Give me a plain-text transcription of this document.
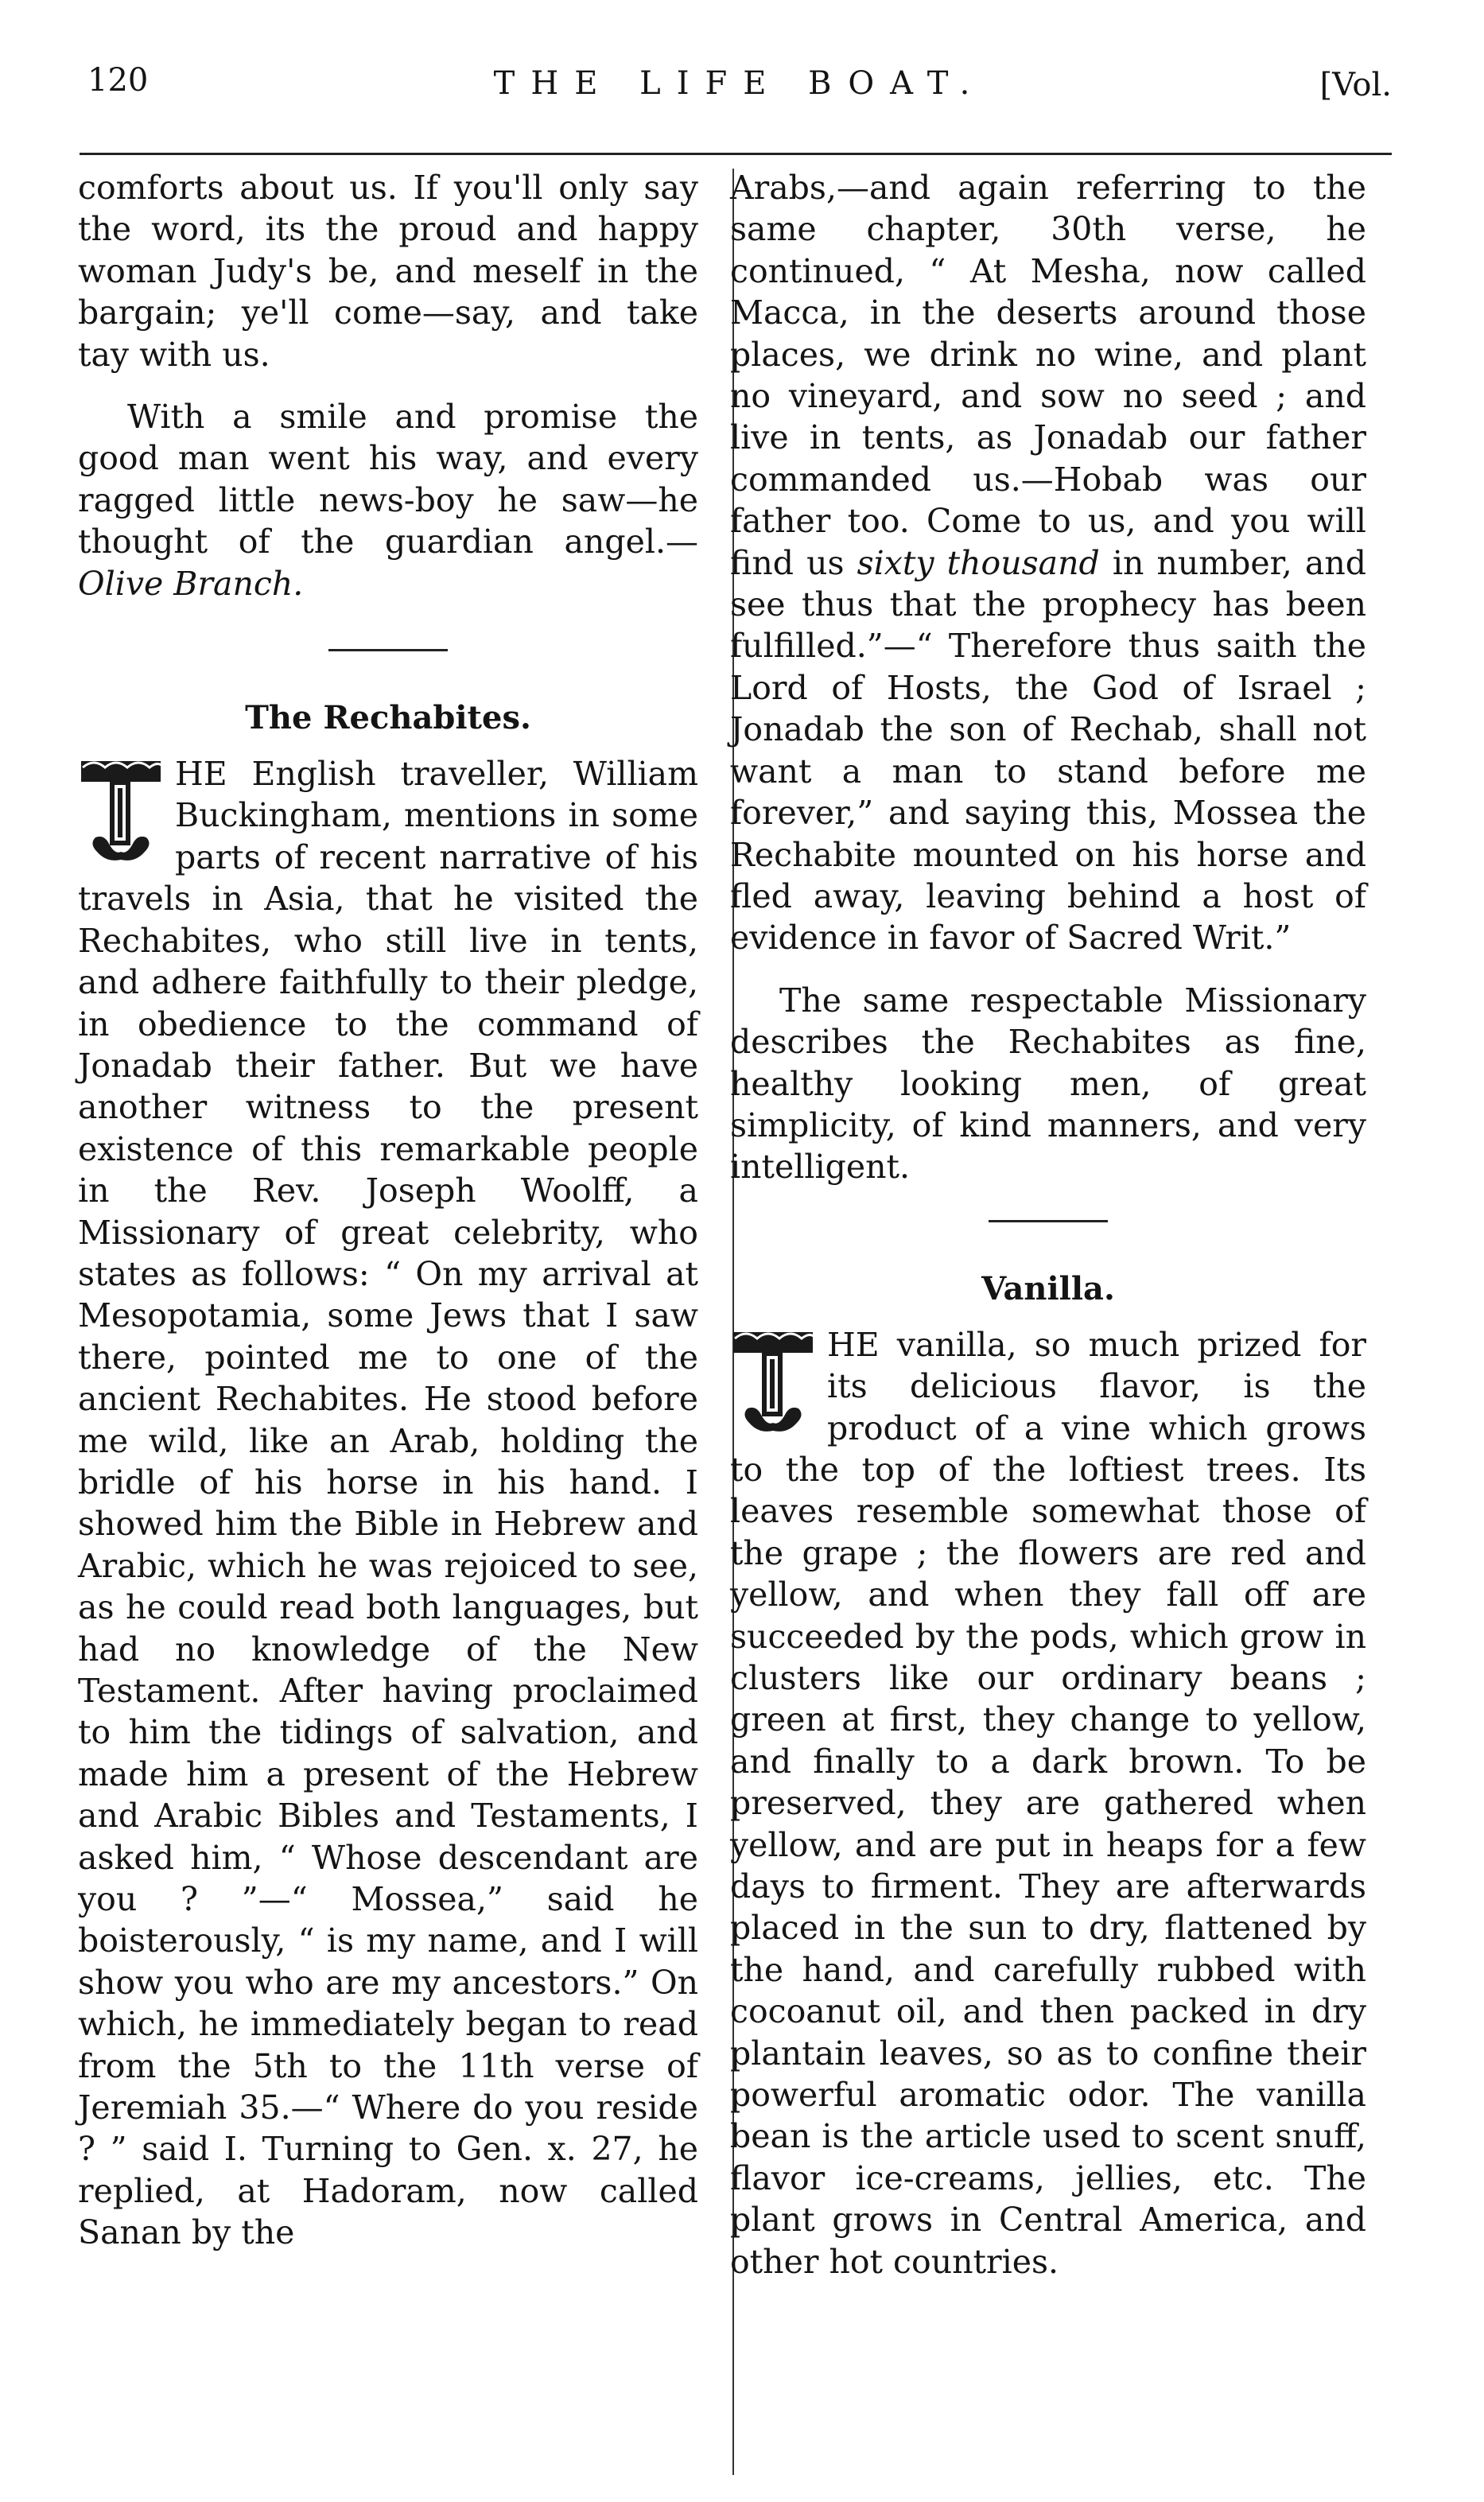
120	THE LIFE BOAT.	[Vol.

comforts about us. If you'll only say the word, its the proud and happy woman Judy's be, and meself in the bargain; ye'll come—say, and take tay with us.

With a smile and promise the good man went his way, and every ragged little news-boy he saw—he thought of the guardian angel.— Olive Branch.

The Rechabites.

HE English traveller, William Buckingham, mentions in some parts of recent narrative of his travels in Asia, that he visited the Rechabites, who still live in tents, and adhere faithfully to their pledge, in obedience to the command of Jonadab their father. But we have another witness to the present existence of this remarkable people in the Rev. Joseph Woolff, a Missionary of great celebrity, who states as follows: “ On my arrival at Mesopotamia, some Jews that I saw there, pointed me to one of the ancient Rechabites. He stood before me wild, like an Arab, holding the bridle of his horse in his hand. I showed him the Bible in Hebrew and Arabic, which he was rejoiced to see, as he could read both languages, but had no knowledge of the New Testament. After having proclaimed to him the tidings of salvation, and made him a present of the Hebrew and Arabic Bibles and Testaments, I asked him, “ Whose descendant are you ? ”—“ Mossea,” said he boisterously, “ is my name, and I will show you who are my ancestors.” On which, he immediately began to read from the 5th to the 11th verse of Jeremiah 35.—“ Where do you reside ? ” said I. Turning to Gen. x. 27, he replied, at Hadoram, now called Sanan by the

Arabs,—and again referring to the same chapter, 30th verse, he continued, “ At Mesha, now called Macca, in the deserts around those places, we drink no wine, and plant no vineyard, and sow no seed ; and live in tents, as Jonadab our father commanded us.—Hobab was our father too. Come to us, and you will find us sixty thousand in number, and see thus that the prophecy has been fulfilled.”—“ Therefore thus saith the Lord of Hosts, the God of Israel ; Jonadab the son of Rechab, shall not want a man to stand before me forever,” and saying this, Mossea the Rechabite mounted on his horse and fled away, leaving behind a host of evidence in favor of Sacred Writ.”

The same respectable Missionary describes the Rechabites as fine, healthy looking men, of great simplicity, of kind manners, and very intelligent.

Vanilla.

HE vanilla, so much prized for its delicious flavor, is the product of a vine which grows to the top of the loftiest trees. Its leaves resemble somewhat those of the grape ; the flowers are red and yellow, and when they fall off are succeeded by the pods, which grow in clusters like our ordinary beans ; green at first, they change to yellow, and finally to a dark brown. To be preserved, they are gathered when yellow, and are put in heaps for a few days to firment. They are afterwards placed in the sun to dry, flattened by the hand, and carefully rubbed with cocoanut oil, and then packed in dry plantain leaves, so as to confine their powerful aromatic odor. The vanilla bean is the article used to scent snuff, flavor ice-creams, jellies, etc. The plant grows in Central America, and other hot countries.
